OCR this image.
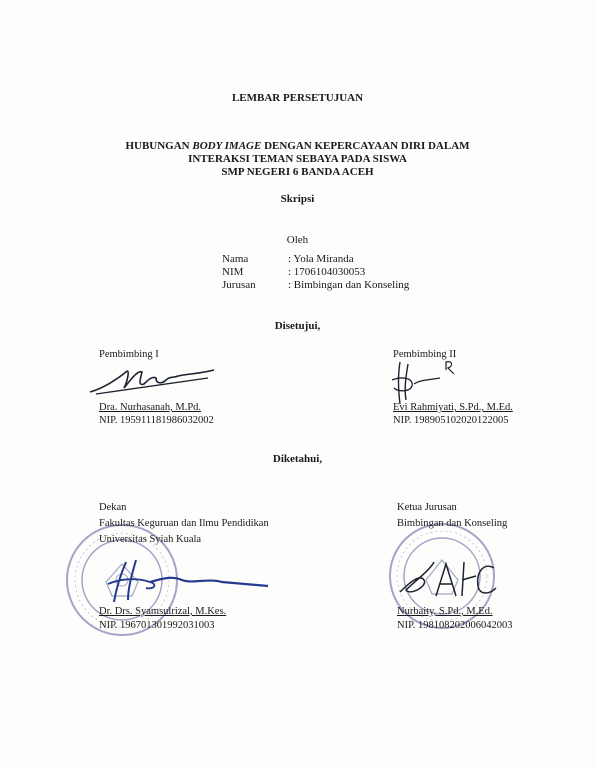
LEMBAR PERSETUJUAN
HUBUNGAN BODY IMAGE DENGAN KEPERCAYAAN DIRI DALAM
INTERAKSI TEMAN SEBAYA PADA SISWA
SMP NEGERI 6 BANDA ACEH
Skripsi
Oleh
Nama	: Yola Miranda
NIM	: 1706104030053
Jurusan	: Bimbingan dan Konseling
Disetujui,
Pembimbing I	Pembimbing II
Dra. Nurhasanah, M.Pd.
NIP. 195911181986032002
Evi Rahmiyati, S.Pd., M.Ed.
NIP. 198905102020122005
Diketahui,
Dekan
Fakultas Keguruan dan Ilmu Pendidikan
Universitas Syiah Kuala
Ketua Jurusan
Bimbingan dan Konseling
Dr. Drs. Syamsulrizal, M.Kes.
NIP. 196701301992031003
Nurbaity, S.Pd., M.Ed.
NIP. 198108202006042003
